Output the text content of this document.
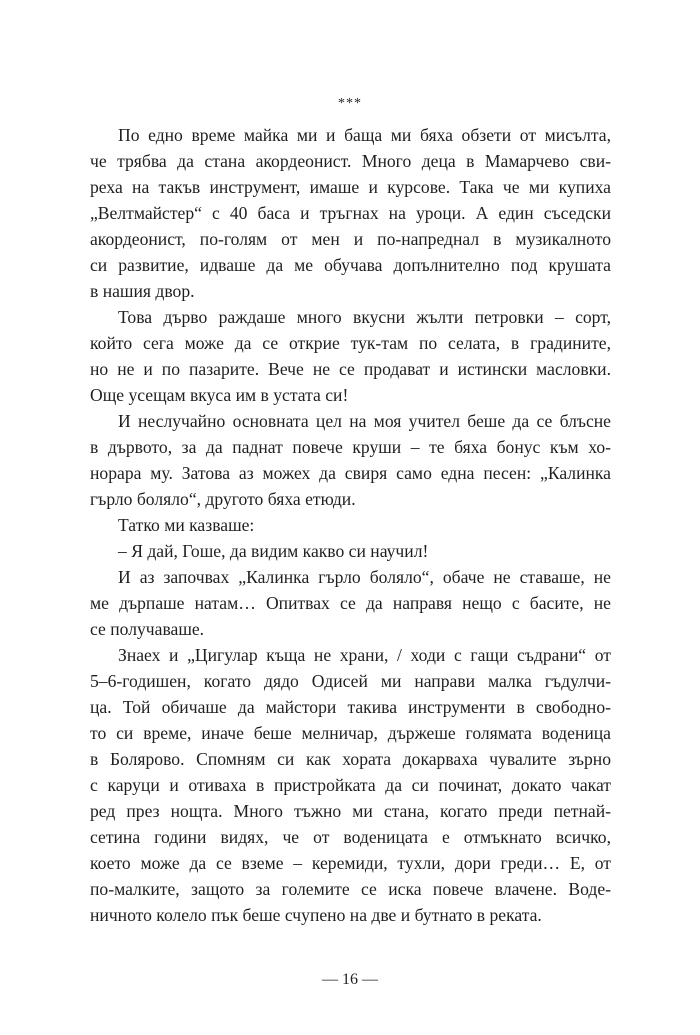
***

По едно време майка ми и баща ми бяха обзети от мисълта,
че трябва да стана акордеонист. Много деца в Мамарчево сви-
реха на такъв инструмент, имаше и курсове. Така че ми купиха
„Велтмайстер“ с 40 баса и тръгнах на уроци. А един съседски
акордеонист, по-голям от мен и по-напреднал в музикалното
си развитие, идваше да ме обучава допълнително под крушата
в нашия двор.

Това дърво раждаше много вкусни жълти петровки – сорт,
който сега може да се открие тук-там по селата, в градините,
но не и по пазарите. Вече не се продават и истински масловки.
Още усещам вкуса им в устата си!

И неслучайно основната цел на моя учител беше да се блъсне
в дървото, за да паднат повече круши – те бяха бонус към хо-
норара му. Затова аз можех да свиря само една песен: „Калинка
гърло боляло“, другото бяха етюди.

Татко ми казваше:

– Я дай, Гоше, да видим какво си научил!

И аз започвах „Калинка гърло боляло“, обаче не ставаше, не
ме дърпаше натам… Опитвах се да направя нещо с басите, не
се получаваше.

Знаех и „Цигулар къща не храни, / ходи с гащи съдрани“ от
5–6-годишен, когато дядо Одисей ми направи малка гъдулчи-
ца. Той обичаше да майстори такива инструменти в свободно-
то си време, иначе беше мелничар, държеше голямата воденица
в Болярово. Спомням си как хората докарваха чувалите зърно
с каруци и отиваха в пристройката да си починат, докато чакат
ред през нощта. Много тъжно ми стана, когато преди петнай-
сетина години видях, че от воденицата е отмъкнато всичко,
което може да се вземе – керемиди, тухли, дори греди… Е, от
по-малките, защото за големите се иска повече влачене. Воде-
ничното колело пък беше счупено на две и бутнато в реката.

— 16 —
